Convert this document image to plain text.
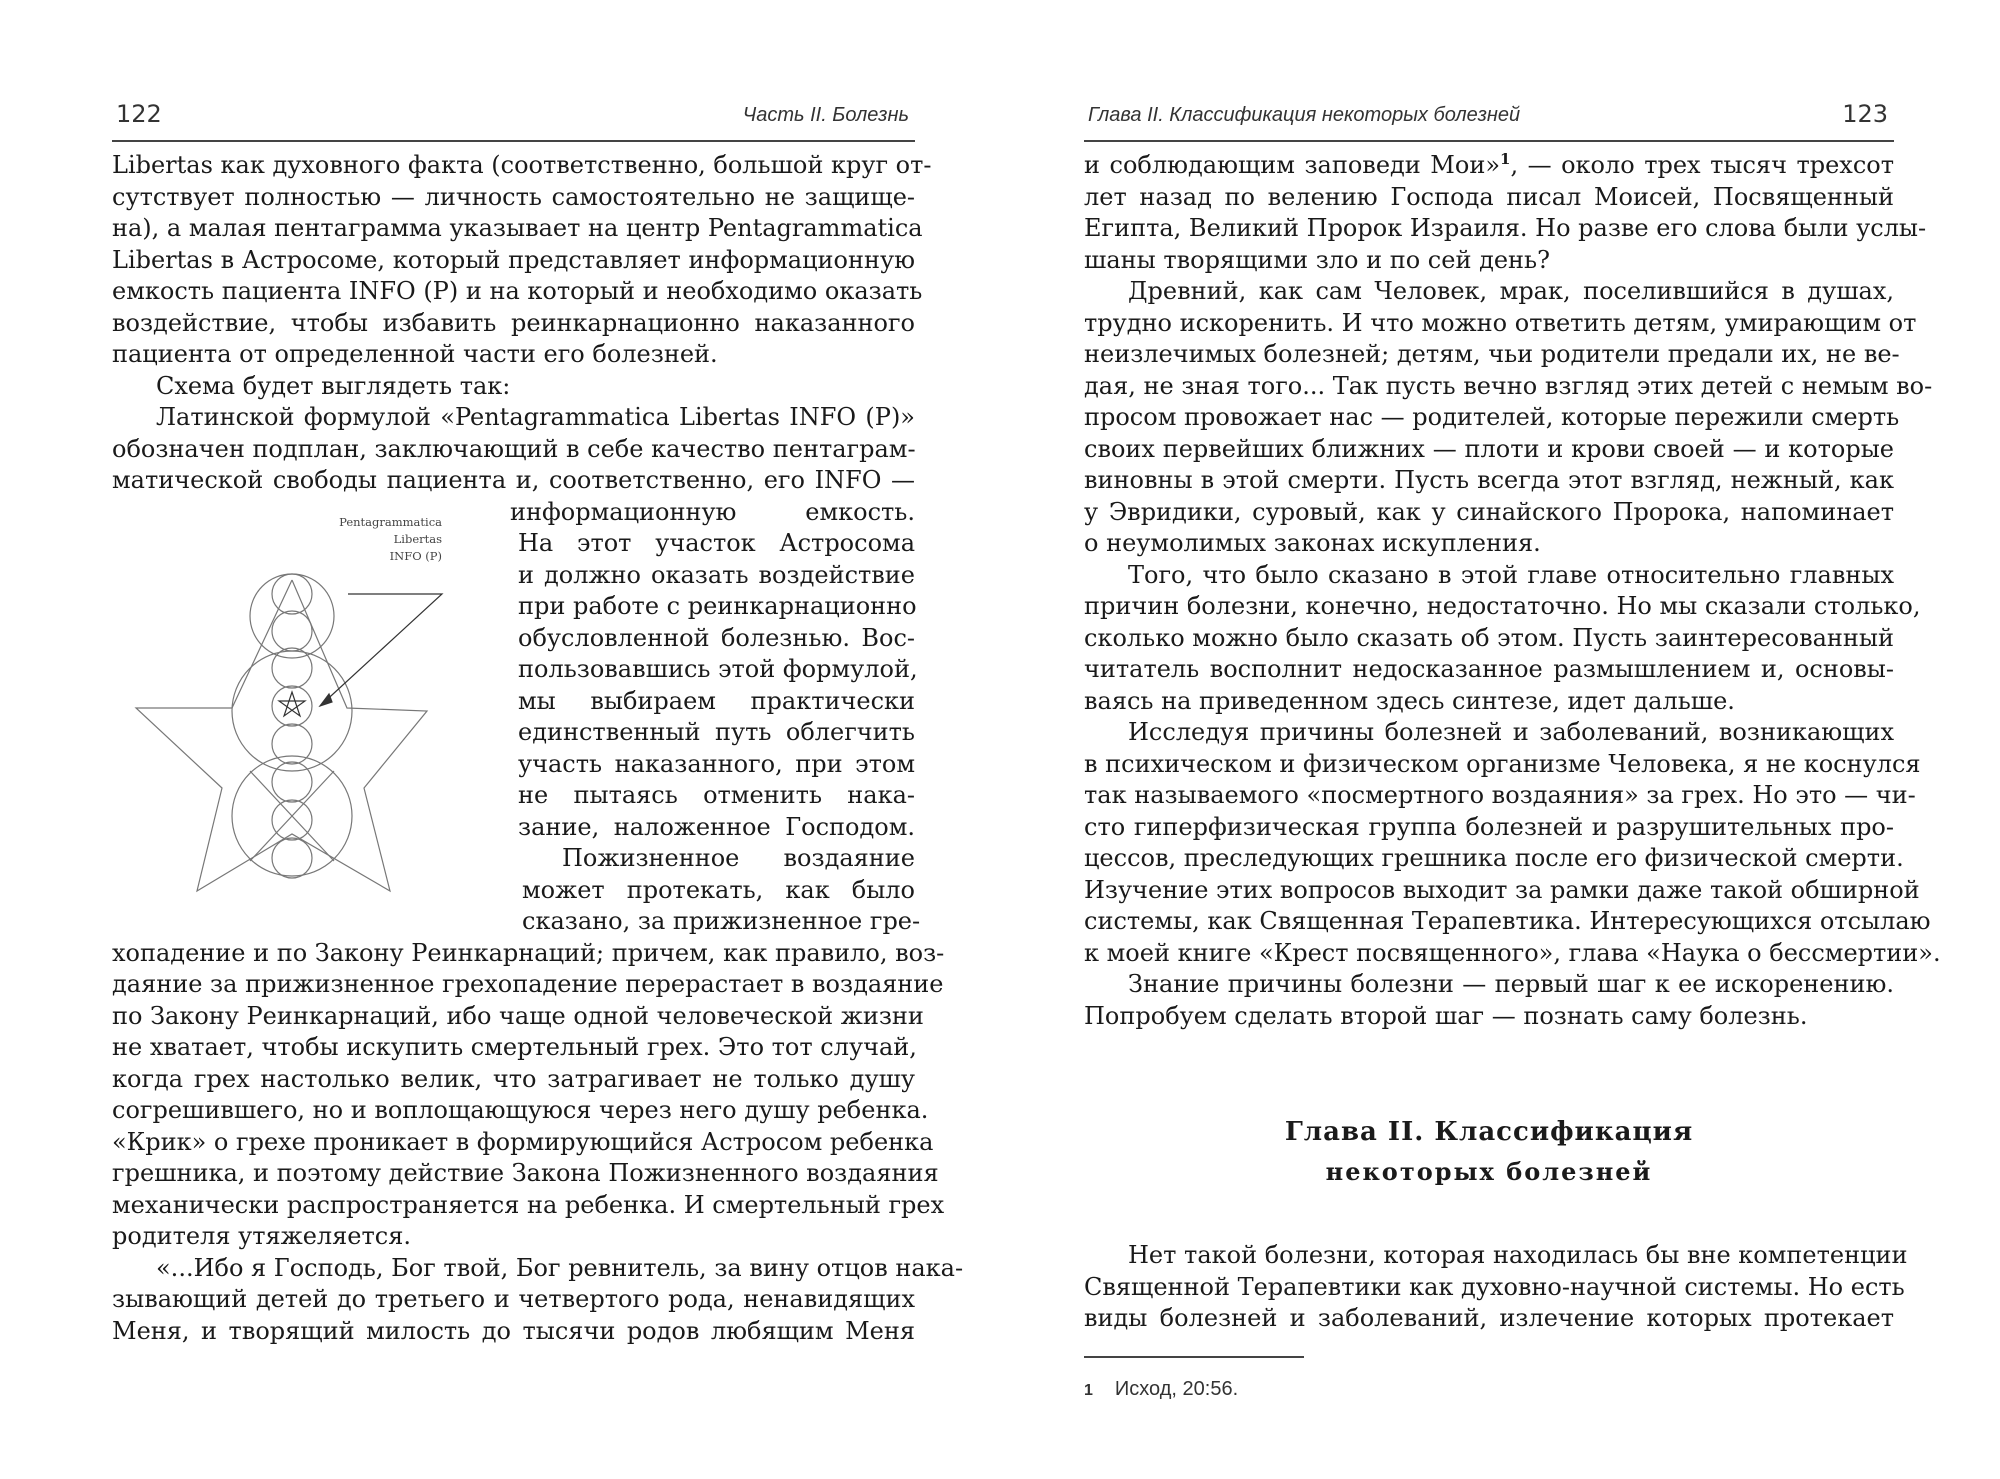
122	Часть II. Болезнь
Libertas как духовного факта (соответственно, большой круг от-
сутствует полностью — личность самостоятельно не защище-
на), а малая пентаграмма указывает на центр Pentagrammatica
Libertas в Астросоме, который представляет информационную
емкость пациента INFO (P) и на который и необходимо оказать
воздействие, чтобы избавить реинкарнационно наказанного
пациента от определенной части его болезней.
Схема будет выглядеть так:
Латинской формулой «Pentagrammatica Libertas INFO (P)»
обозначен подплан, заключающий в себе качество пентаграм-
матической свободы пациента и, соответственно, его INFO —
информационную емкость.
На этот участок Астросома
и должно оказать воздействие
при работе с реинкарнационно
обусловленной болезнью. Вос-
пользовавшись этой формулой,
мы выбираем практически
единственный путь облегчить
участь наказанного, при этом
не пытаясь отменить нака-
зание, наложенное Господом.
Пожизненное воздаяние
может протекать, как было
сказано, за прижизненное гре-
хопадение и по Закону Реинкарнаций; причем, как правило, воз-
даяние за прижизненное грехопадение перерастает в воздаяние
по Закону Реинкарнаций, ибо чаще одной человеческой жизни
не хватает, чтобы искупить смертельный грех. Это тот случай,
когда грех настолько велик, что затрагивает не только душу
согрешившего, но и воплощающуюся через него душу ребенка.
«Крик» о грехе проникает в формирующийся Астросом ребенка
грешника, и поэтому действие Закона Пожизненного воздаяния
механически распространяется на ребенка. И смертельный грех
родителя утяжеляется.
«...Ибо я Господь, Бог твой, Бог ревнитель, за вину отцов нака-
зывающий детей до третьего и четвертого рода, ненавидящих
Меня, и творящий милость до тысячи родов любящим Меня
Pentagrammatica
Libertas
INFO (P)
Глава II. Классификация некоторых болезней	123
и соблюдающим заповеди Мои»$^1$, — около трех тысяч трехсот
лет назад по велению Господа писал Моисей, Посвященный
Египта, Великий Пророк Израиля. Но разве его слова были услы-
шаны творящими зло и по сей день?
Древний, как сам Человек, мрак, поселившийся в душах,
трудно искоренить. И что можно ответить детям, умирающим от
неизлечимых болезней; детям, чьи родители предали их, не ве-
дая, не зная того... Так пусть вечно взгляд этих детей с немым во-
просом провожает нас — родителей, которые пережили смерть
своих первейших ближних — плоти и крови своей — и которые
виновны в этой смерти. Пусть всегда этот взгляд, нежный, как
у Эвридики, суровый, как у синайского Пророка, напоминает
о неумолимых законах искупления.
Того, что было сказано в этой главе относительно главных
причин болезни, конечно, недостаточно. Но мы сказали столько,
сколько можно было сказать об этом. Пусть заинтересованный
читатель восполнит недосказанное размышлением и, основы-
ваясь на приведенном здесь синтезе, идет дальше.
Исследуя причины болезней и заболеваний, возникающих
в психическом и физическом организме Человека, я не коснулся
так называемого «посмертного воздаяния» за грех. Но это — чи-
сто гиперфизическая группа болезней и разрушительных про-
цессов, преследующих грешника после его физической смерти.
Изучение этих вопросов выходит за рамки даже такой обширной
системы, как Священная Терапевтика. Интересующихся отсылаю
к моей книге «Крест посвященного», глава «Наука о бессмертии».
Знание причины болезни — первый шаг к ее искоренению.
Попробуем сделать второй шаг — познать саму болезнь.
Глава II. Классификация
некоторых болезней
Нет такой болезни, которая находилась бы вне компетенции
Священной Терапевтики как духовно-научной системы. Но есть
виды болезней и заболеваний, излечение которых протекает
1 Исход, 20:56.
